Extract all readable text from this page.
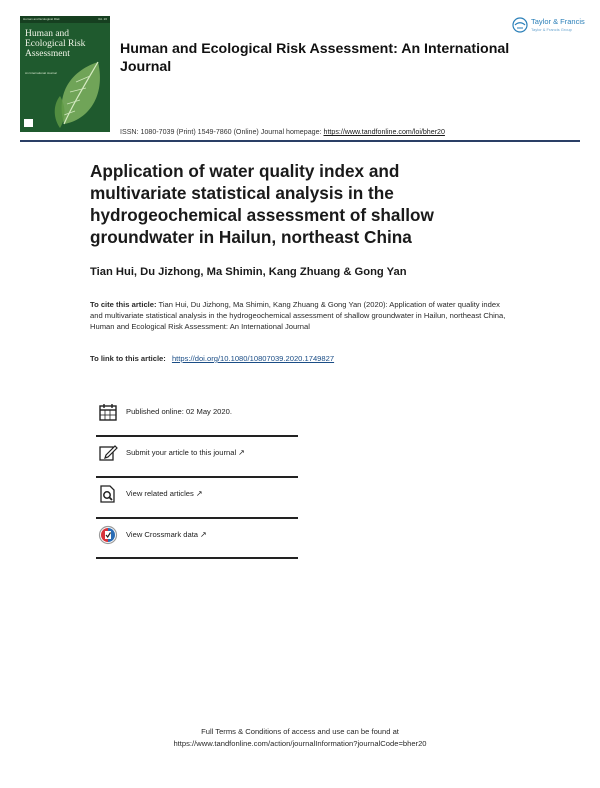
Human and Ecological Risk	Vol. 26
Human and Ecological Risk Assessment
An International Journal
Taylor & Francis
Taylor & Francis Group
Human and Ecological Risk Assessment: An International Journal
ISSN: 1080-7039 (Print) 1549-7860 (Online) Journal homepage: https://www.tandfonline.com/loi/bher20
Application of water quality index and multivariate statistical analysis in the hydrogeochemical assessment of shallow groundwater in Hailun, northeast China
Tian Hui, Du Jizhong, Ma Shimin, Kang Zhuang & Gong Yan
To cite this article: Tian Hui, Du Jizhong, Ma Shimin, Kang Zhuang & Gong Yan (2020): Application of water quality index and multivariate statistical analysis in the hydrogeochemical assessment of shallow groundwater in Hailun, northeast China, Human and Ecological Risk Assessment: An International Journal
To link to this article: https://doi.org/10.1080/10807039.2020.1749827
Published online: 02 May 2020.
Submit your article to this journal ↗
View related articles ↗
View Crossmark data ↗
Full Terms & Conditions of access and use can be found at
https://www.tandfonline.com/action/journalInformation?journalCode=bher20
